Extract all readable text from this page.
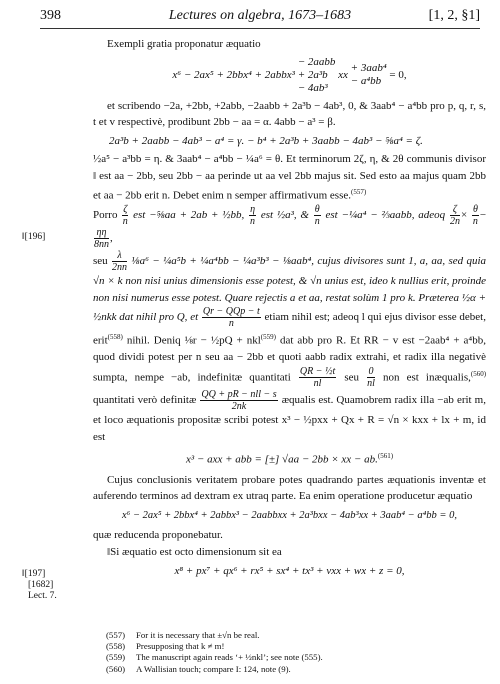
398	Lectures on algebra, 1673–1683	[1, 2, §1]
‖[196]
‖[197]
[1682]
Lect. 7.

Exempli gratia proponatur æquatio

x⁶ − 2ax⁵ + 2bbx⁴ + 2abbx³
− 2aabb
+ 2a³b
− 4ab³
xx
+ 3aab⁴
− a⁴bb
= 0,

et scribendo −2a, +2bb, +2abb, −2aabb + 2a³b − 4ab³, 0, & 3aab⁴ − a⁴bb pro p, q, r, s, t et v respectivè, prodibunt 2bb − aa = α. 4abb − a³ = β.

2a³b + 2aabb − 4ab³ − a⁴ = γ. − b⁴ + 2a³b + 3aabb − 4ab³ − ⅝a⁴ = ζ.

½a⁵ − a³bb = η. & 3aab⁴ − a⁴bb − ¼a⁶ = θ. Et terminorum 2ζ, η, & 2θ communis divisor ‖ est aa − 2bb, seu 2bb − aa perinde ut aa vel 2bb majus sit. Sed esto aa majus quam 2bb et aa − 2bb erit n. Debet enim n semper affirmativum esse.$^{(557)}$

Porro $\frac{\zeta}{n}$ est −⅝aa + 2ab + ½bb, $\frac{\eta}{n}$ est ½a³, & $\frac{\theta}{n}$ est −¼a⁴ − ⅔aabb, adeoq $\frac{\zeta}{2n} \times \frac{\theta}{n}$ −
$\frac{\eta\eta}{8nn}$ ,

seu $\frac{\lambda}{2nn}$ ⅛a⁶ − ¼a⁵b + ¼a⁴bb − ¼a³b³ − ⅛aab⁴, cujus divisores sunt 1, a, aa, sed quia √n × k non nisi unius dimensionis esse potest, & √n unius est, ideo k nullius erit, proinde non nisi numerus esse potest. Quare rejectis a et aa, restat solùm 1 pro k. Præterea ½α + ½nkk dat nihil pro Q, et $\frac{\text{Qr − QQp − t}}{n}$ etiam nihil est; adeoq l qui ejus divisor esse debet, erit$^{(558)}$ nihil. Deniq ⅛r − ½pQ + nkl$^{(559)}$ dat abb pro R. Et RR − v est −2aab⁴ + a⁴bb, quod dividi potest per n seu aa − 2bb et quoti aabb radix extrahi, et radix illa negativè sumpta, nempe −ab, indefinitæ quantitati $\frac{\text{QR − ½t}}{nl}$ seu $\frac{0}{nl}$ non est inæqualis,$^{(560)}$ quantitati verò definitæ $\frac{\text{QQ + pR − nll − s}}{2nk}$ æqualis est. Quamobrem radix illa −ab erit m, et loco æquationis propositæ scribi potest x³ − ½pxx + Qx + R = √n × kxx + lx + m, id est

x³ − axx + abb = [±] √aa − 2bb × xx − ab.$^{(561)}$

Cujus conclusionis veritatem probare potes quadrando partes æquationis inventæ et auferendo terminos ad dextram ex utraq parte. Ea enim operatione producetur æquatio

x⁶ − 2ax⁵ + 2bbx⁴ + 2abbx³ − 2aabbxx + 2a³bxx − 4ab³xx + 3aab⁴ − a⁴bb = 0,

quæ reducenda proponebatur.

‖Si æquatio est octo dimensionum sit ea

x⁸ + px⁷ + qx⁶ + rx⁵ + sx⁴ + tx³ + vxx + wx + z = 0,
(557) For it is necessary that ±√n be real.
(558) Presupposing that k ≠ m!
(559) The manuscript again reads ‘+ ½nkl’; see note (555).
(560) A Wallisian touch; compare I: 124, note (9).
